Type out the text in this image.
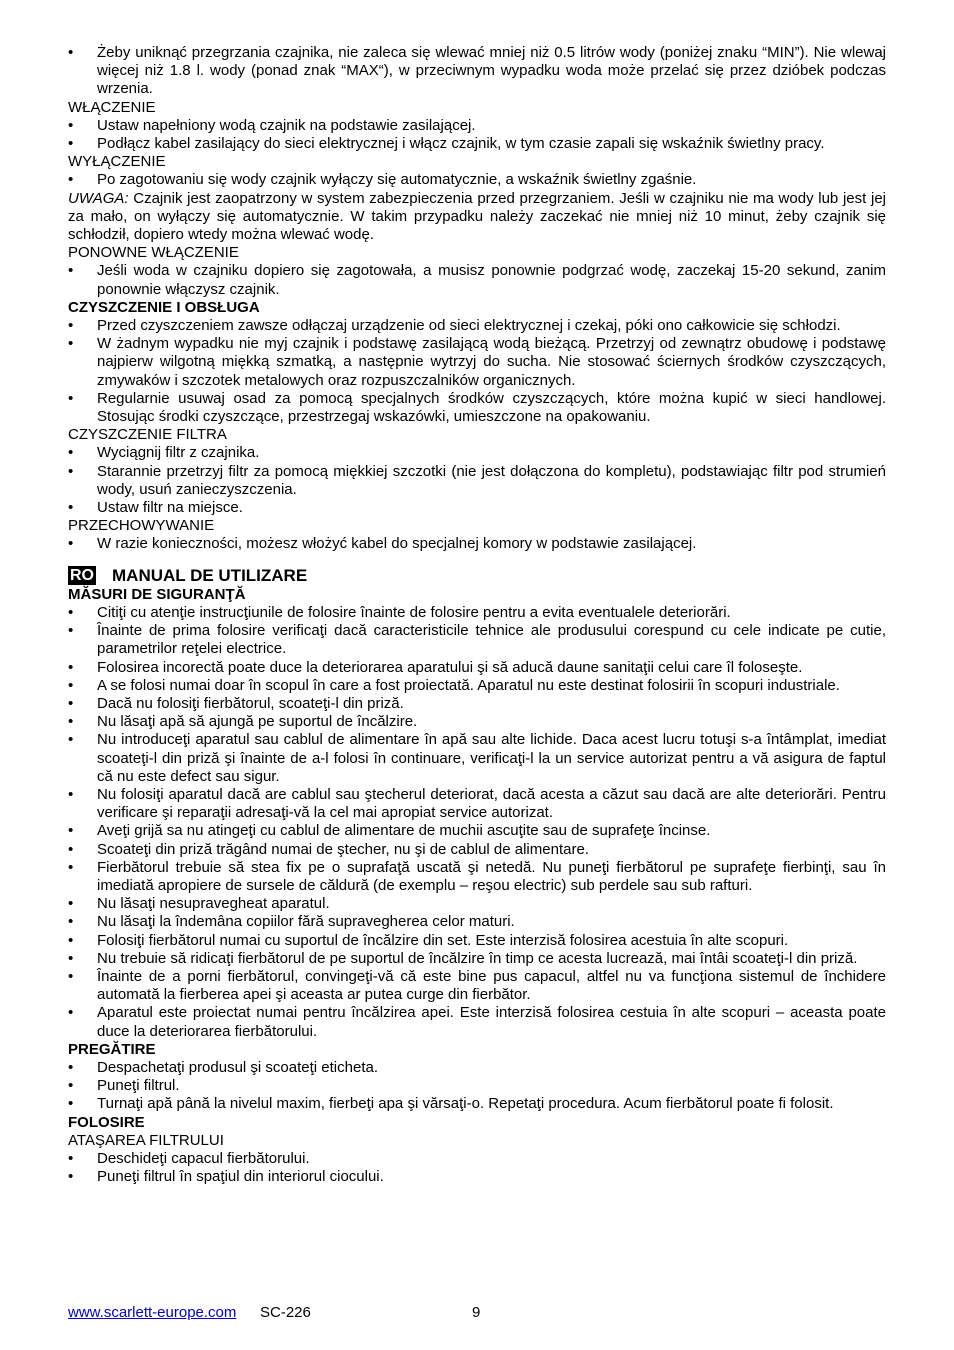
• Żeby uniknąć przegrzania czajnika, nie zaleca się wlewać mniej niż 0.5 litrów wody (poniżej znaku “MIN”). Nie wlewaj więcej niż 1.8 l. wody (ponad znak “MAX“), w przeciwnym wypadku woda może przelać się przez dzióbek podczas wrzenia.
WŁĄCZENIE
• Ustaw napełniony wodą czajnik na podstawie zasilającej.
• Podłącz kabel zasilający do sieci elektrycznej i włącz czajnik, w tym czasie zapali się wskaźnik świetlny pracy.
WYŁĄCZENIE
• Po zagotowaniu się wody czajnik wyłączy się automatycznie, a wskaźnik świetlny zgaśnie.
UWAGA: Czajnik jest zaopatrzony w system zabezpieczenia przed przegrzaniem. Jeśli w czajniku nie ma wody lub jest jej za mało, on wyłączy się automatycznie. W takim przypadku należy zaczekać nie mniej niż 10 minut, żeby czajnik się schłodził, dopiero wtedy można wlewać wodę.
PONOWNE WŁĄCZENIE
• Jeśli woda w czajniku dopiero się zagotowała, a musisz ponownie podgrzać wodę, zaczekaj 15-20 sekund, zanim ponownie włączysz czajnik.
CZYSZCZENIE I OBSŁUGA
• Przed czyszczeniem zawsze odłączaj urządzenie od sieci elektrycznej i czekaj, póki ono całkowicie się schłodzi.
• W żadnym wypadku nie myj czajnik i podstawę zasilającą wodą bieżącą. Przetrzyj od zewnątrz obudowę i podstawę najpierw wilgotną miękką szmatką, a następnie wytrzyj do sucha. Nie stosować ściernych środków czyszczących, zmywaków i szczotek metalowych oraz rozpuszczalników organicznych.
• Regularnie usuwaj osad za pomocą specjalnych środków czyszczących, które można kupić w sieci handlowej. Stosując środki czyszczące, przestrzegaj wskazówki, umieszczone na opakowaniu.
CZYSZCZENIE FILTRA
• Wyciągnij filtr z czajnika.
• Starannie przetrzyj filtr za pomocą miękkiej szczotki (nie jest dołączona do kompletu), podstawiając filtr pod strumień wody, usuń zanieczyszczenia.
• Ustaw filtr na miejsce.
PRZECHOWYWANIE
• W razie konieczności, możesz włożyć kabel do specjalnej komory w podstawie zasilającej.
RO MANUAL DE UTILIZARE
MĂSURI DE SIGURANŢĂ
• Citiţi cu atenţie instrucţiunile de folosire înainte de folosire pentru a evita eventualele deteriorări.
• Înainte de prima folosire verificaţi dacă caracteristicile tehnice ale produsului corespund cu cele indicate pe cutie, parametrilor reţelei electrice.
• Folosirea incorectă poate duce la deteriorarea aparatului şi să aducă daune sanitaţii celui care îl foloseşte.
• A se folosi numai doar în scopul în care a fost proiectată. Aparatul nu este destinat folosirii în scopuri industriale.
• Dacă nu folosiţi fierbătorul, scoateţi-l din priză.
• Nu lăsaţi apă să ajungă pe suportul de încălzire.
• Nu introduceţi aparatul sau cablul de alimentare în apă sau alte lichide. Daca acest lucru totuşi s-a întâmplat, imediat scoateţi-l din priză şi înainte de a-l folosi în continuare, verificaţi-l la un service autorizat pentru a vă asigura de faptul că nu este defect sau sigur.
• Nu folosiţi aparatul dacă are cablul sau ştecherul deteriorat, dacă acesta a căzut sau dacă are alte deteriorări. Pentru verificare şi reparaţii adresaţi-vă la cel mai apropiat service autorizat.
• Aveţi grijă sa nu atingeţi cu cablul de alimentare de muchii ascuţite sau de suprafeţe încinse.
• Scoateţi din priză trăgând numai de ştecher, nu şi de cablul de alimentare.
• Fierbătorul trebuie să stea fix pe o suprafaţă uscată şi netedă. Nu puneţi fierbătorul pe suprafeţe fierbinţi, sau în imediată apropiere de sursele de căldură (de exemplu – reşou electric) sub perdele sau sub rafturi.
• Nu lăsaţi nesupravegheat aparatul.
• Nu lăsaţi la îndemâna copiilor fără supravegherea celor maturi.
• Folosiţi fierbătorul numai cu suportul de încălzire din set. Este interzisă folosirea acestuia în alte scopuri.
• Nu trebuie să ridicaţi fierbătorul de pe suportul de încălzire în timp ce acesta lucrează, mai întâi scoateţi-l din priză.
• Înainte de a porni fierbătorul, convingeţi-vă că este bine pus capacul, altfel nu va funcţiona sistemul de închidere automată la fierberea apei şi aceasta ar putea curge din fierbător.
• Aparatul este proiectat numai pentru încălzirea apei. Este interzisă folosirea cestuia în alte scopuri – aceasta poate duce la deteriorarea fierbătorului.
PREGĂTIRE
• Despachetaţi produsul şi scoateţi eticheta.
• Puneţi filtrul.
• Turnaţi apă până la nivelul maxim, fierbeţi apa şi vărsaţi-o. Repetaţi procedura. Acum fierbătorul poate fi folosit.
FOLOSIRE
ATAŞAREA FILTRULUI
• Deschideţi capacul fierbătorului.
• Puneţi filtrul în spaţiul din interiorul ciocului.
www.scarlett-europe.com SC-226	9
